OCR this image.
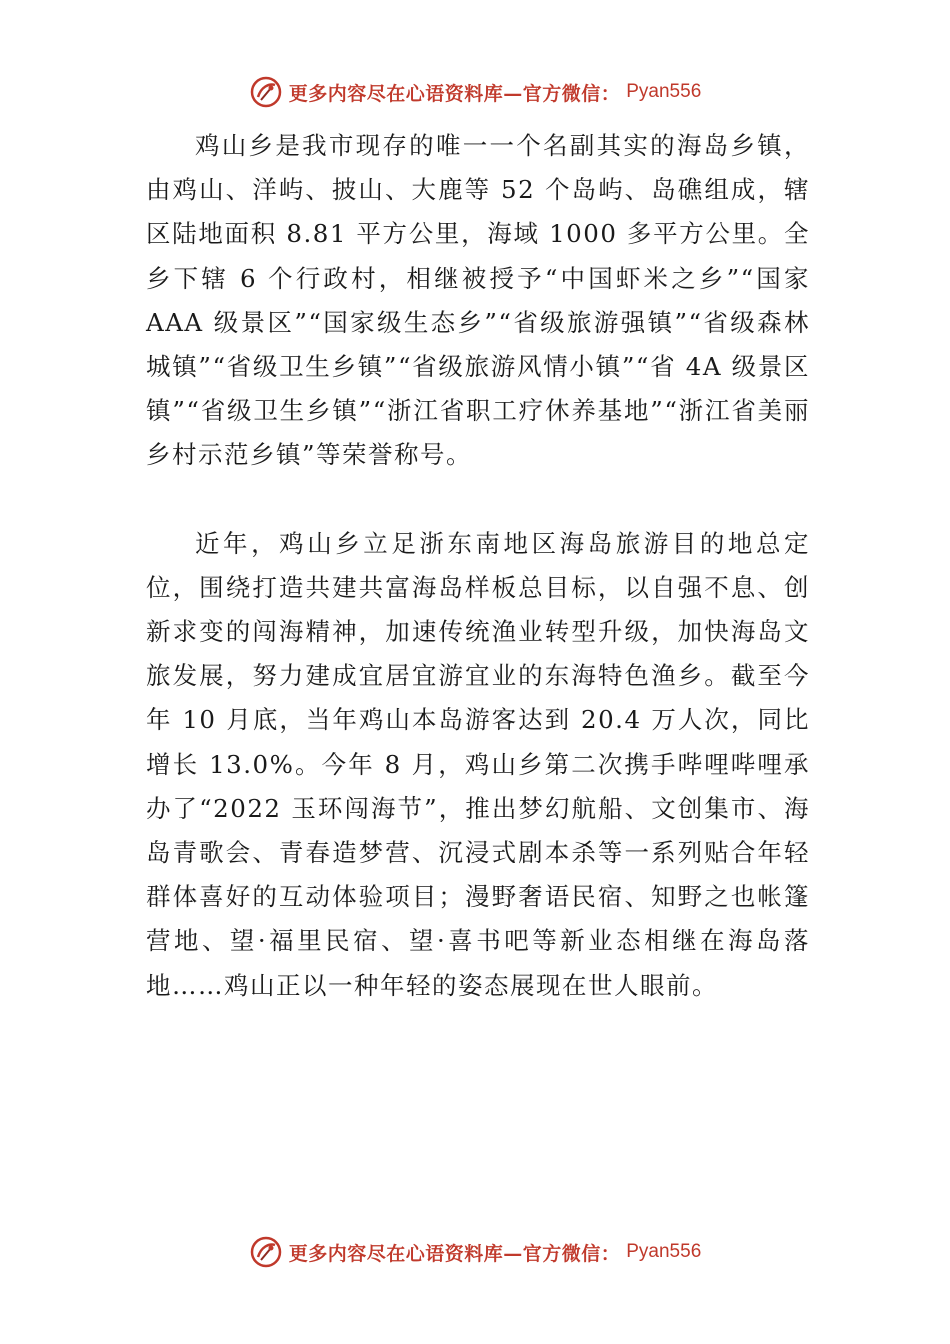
更多内容尽在心语资料库—官方微信： Pyan556

鸡山乡是我市现存的唯一一个名副其实的海岛乡镇，由鸡山、洋屿、披山、大鹿等 52 个岛屿、岛礁组成，辖区陆地面积 8.81 平方公里，海域 1000 多平方公里。全乡下辖 6 个行政村，相继被授予“中国虾米之乡”“国家 AAA 级景区”“国家级生态乡”“省级旅游强镇”“省级森林城镇”“省级卫生乡镇”“省级旅游风情小镇”“省 4A 级景区镇”“省级卫生乡镇”“浙江省职工疗休养基地”“浙江省美丽乡村示范乡镇”等荣誉称号。

近年，鸡山乡立足浙东南地区海岛旅游目的地总定位，围绕打造共建共富海岛样板总目标，以自强不息、创新求变的闯海精神，加速传统渔业转型升级，加快海岛文旅发展，努力建成宜居宜游宜业的东海特色渔乡。截至今年 10 月底，当年鸡山本岛游客达到 20.4 万人次，同比增长 13.0%。今年 8 月，鸡山乡第二次携手哔哩哔哩承办了“2022 玉环闯海节”，推出梦幻航船、文创集市、海岛青歌会、青春造梦营、沉浸式剧本杀等一系列贴合年轻群体喜好的互动体验项目；漫野奢语民宿、知野之也帐篷营地、望·福里民宿、望·喜书吧等新业态相继在海岛落地……鸡山正以一种年轻的姿态展现在世人眼前。

更多内容尽在心语资料库—官方微信： Pyan556
